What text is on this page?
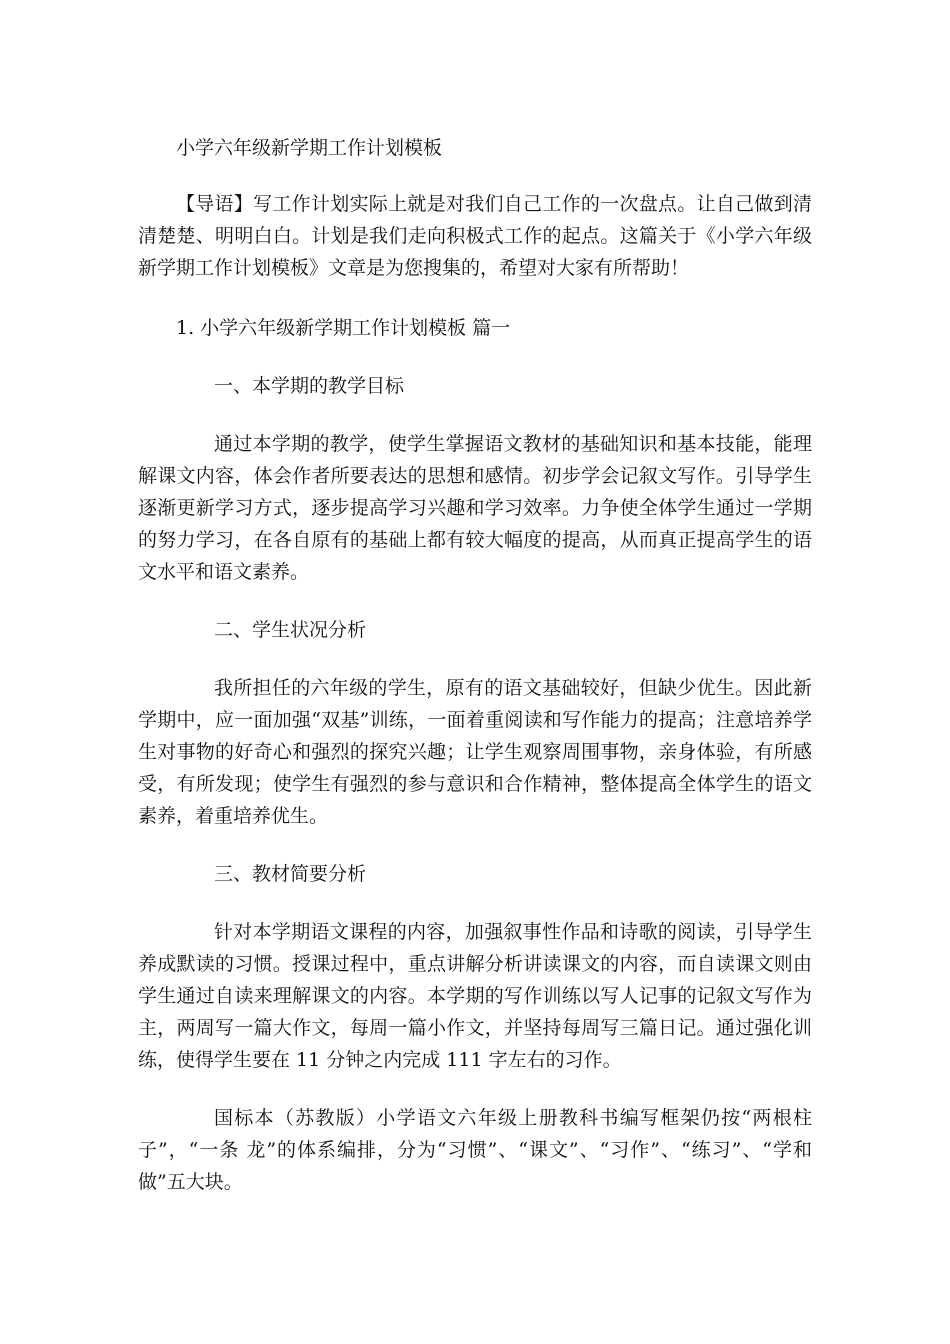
小学六年级新学期工作计划模板

【导语】写工作计划实际上就是对我们自己工作的一次盘点。让自己做到清清楚楚、明明白白。计划是我们走向积极式工作的起点。这篇关于《小学六年级新学期工作计划模板》文章是为您搜集的，希望对大家有所帮助！

1. 小学六年级新学期工作计划模板 篇一

一、本学期的教学目标

通过本学期的教学，使学生掌握语文教材的基础知识和基本技能，能理解课文内容，体会作者所要表达的思想和感情。初步学会记叙文写作。引导学生逐渐更新学习方式，逐步提高学习兴趣和学习效率。力争使全体学生通过一学期的努力学习，在各自原有的基础上都有较大幅度的提高，从而真正提高学生的语文水平和语文素养。

二、学生状况分析

我所担任的六年级的学生，原有的语文基础较好，但缺少优生。因此新学期中，应一面加强“双基”训练，一面着重阅读和写作能力的提高；注意培养学生对事物的好奇心和强烈的探究兴趣；让学生观察周围事物，亲身体验，有所感受，有所发现；使学生有强烈的参与意识和合作精神，整体提高全体学生的语文素养，着重培养优生。

三、教材简要分析

针对本学期语文课程的内容，加强叙事性作品和诗歌的阅读，引导学生养成默读的习惯。授课过程中，重点讲解分析讲读课文的内容，而自读课文则由学生通过自读来理解课文的内容。本学期的写作训练以写人记事的记叙文写作为主，两周写一篇大作文，每周一篇小作文，并坚持每周写三篇日记。通过强化训练，使得学生要在 11 分钟之内完成 111 字左右的习作。

国标本（苏教版）小学语文六年级上册教科书编写框架仍按“两根柱子”，“一条 龙”的体系编排，分为“习惯”、“课文”、“习作”、“练习”、“学和做”五大块。
